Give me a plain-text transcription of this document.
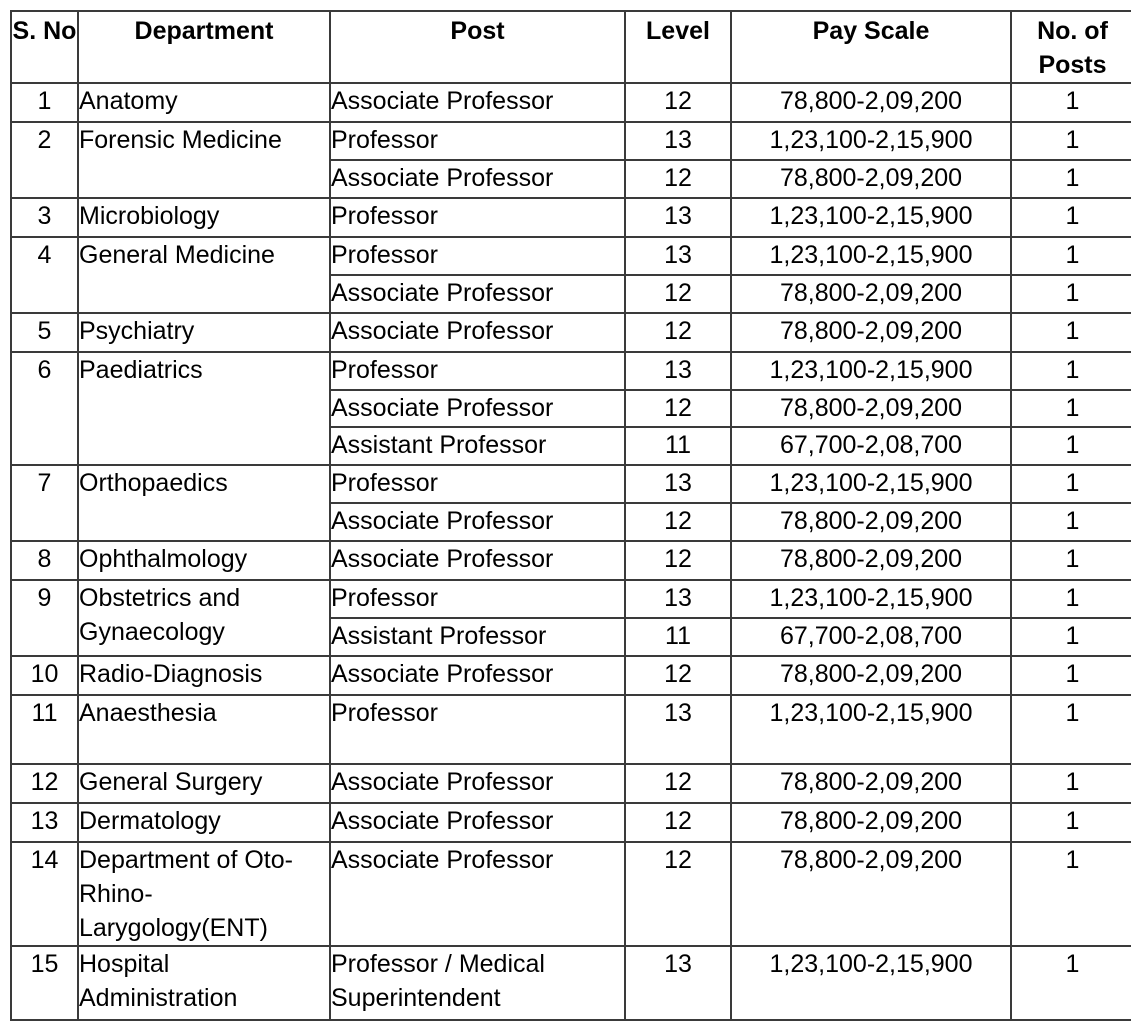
S. No	Department	Post	Level	Pay Scale	No. of Posts
1	Anatomy	Associate Professor	12	78,800-2,09,200	1
2	Forensic Medicine	Professor	13	1,23,100-2,15,900	1
		Associate Professor	12	78,800-2,09,200	1
3	Microbiology	Professor	13	1,23,100-2,15,900	1
4	General Medicine	Professor	13	1,23,100-2,15,900	1
		Associate Professor	12	78,800-2,09,200	1
5	Psychiatry	Associate Professor	12	78,800-2,09,200	1
6	Paediatrics	Professor	13	1,23,100-2,15,900	1
		Associate Professor	12	78,800-2,09,200	1
		Assistant Professor	11	67,700-2,08,700	1
7	Orthopaedics	Professor	13	1,23,100-2,15,900	1
		Associate Professor	12	78,800-2,09,200	1
8	Ophthalmology	Associate Professor	12	78,800-2,09,200	1
9	Obstetrics and Gynaecology	Professor	13	1,23,100-2,15,900	1
		Assistant Professor	11	67,700-2,08,700	1
10	Radio-Diagnosis	Associate Professor	12	78,800-2,09,200	1
11	Anaesthesia	Professor	13	1,23,100-2,15,900	1
12	General Surgery	Associate Professor	12	78,800-2,09,200	1
13	Dermatology	Associate Professor	12	78,800-2,09,200	1
14	Department of Oto-Rhino-Larygology(ENT)	Associate Professor	12	78,800-2,09,200	1
15	Hospital Administration	Professor / Medical Superintendent	13	1,23,100-2,15,900	1
